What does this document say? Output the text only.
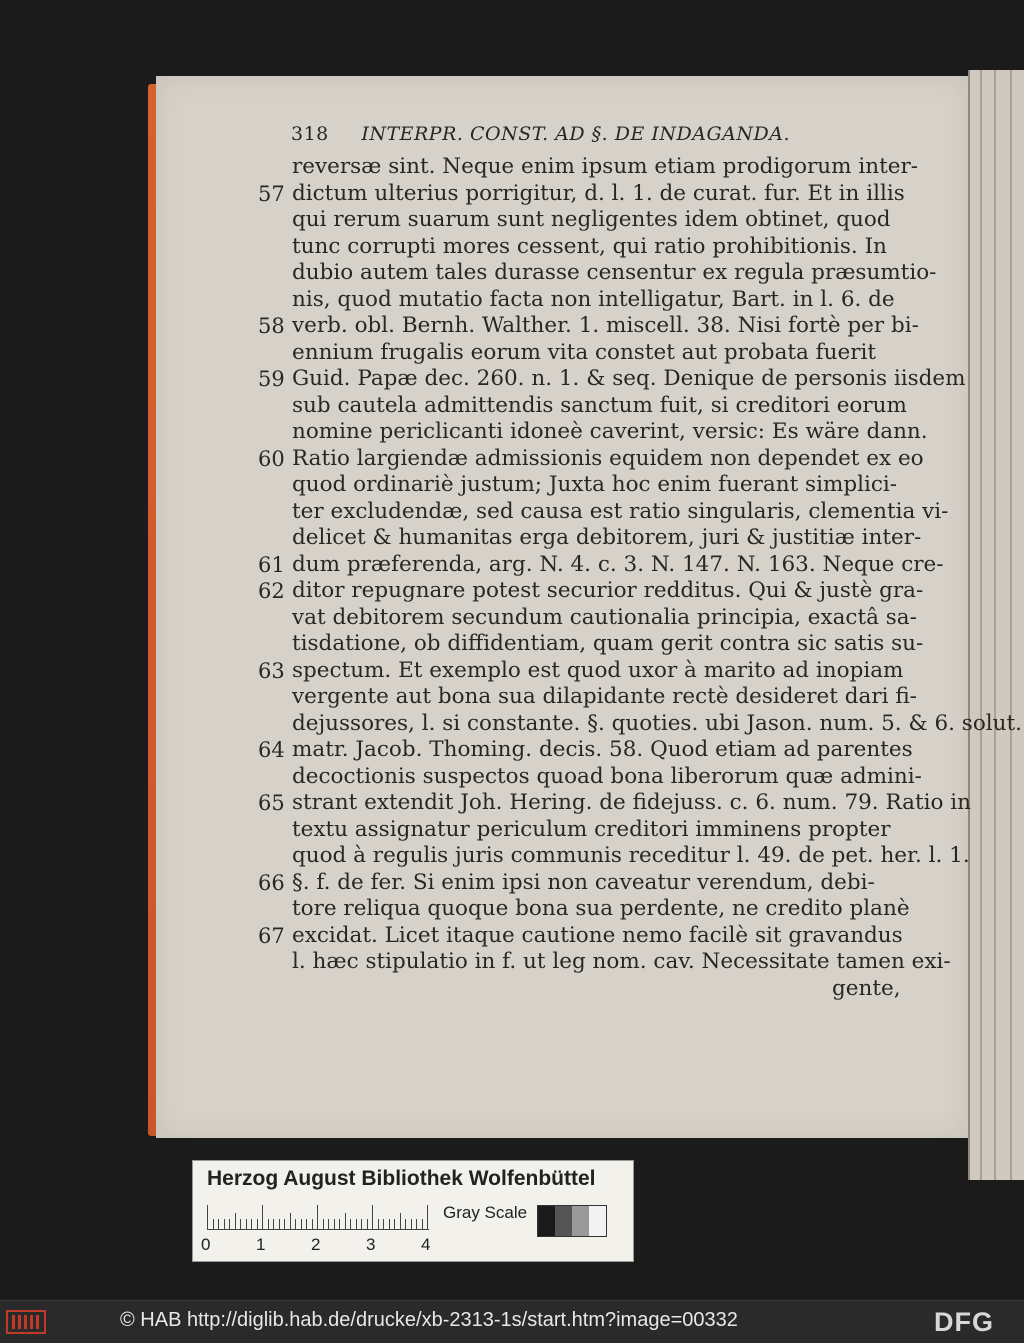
318 INTERPR. CONST. AD §. DE INDAGANDA.
reversæ sint. Neque enim ipsum etiam prodigorum inter-
57 dictum ulterius porrigitur, d. l. 1. de curat. fur. Et in illis
qui rerum suarum sunt negligentes idem obtinet, quod
tunc corrupti mores cessent, qui ratio prohibitionis. In
dubio autem tales durasse censentur ex regula præsumtio-
nis, quod mutatio facta non intelligatur, Bart. in l. 6. de
58 verb. obl. Bernh. Walther. 1. miscell. 38. Nisi fortè per bi-
ennium frugalis eorum vita constet aut probata fuerit
59 Guid. Papæ dec. 260. n. 1. & seq. Denique de personis iisdem
sub cautela admittendis sanctum fuit, si creditori eorum
nomine periclicanti idoneè caverint, versic: Es wäre dann.
60 Ratio largiendæ admissionis equidem non dependet ex eo
quod ordinariè justum; Juxta hoc enim fuerant simplici-
ter excludendæ, sed causa est ratio singularis, clementia vi-
delicet & humanitas erga debitorem, juri & justitiæ inter-
61 dum præferenda, arg. N. 4. c. 3. N. 147. N. 163. Neque cre-
62 ditor repugnare potest securior redditus. Qui & justè gra-
vat debitorem secundum cautionalia principia, exactâ sa-
tisdatione, ob diffidentiam, quam gerit contra sic satis su-
63 spectum. Et exemplo est quod uxor à marito ad inopiam
vergente aut bona sua dilapidante rectè desideret dari fi-
dejussores, l. si constante. §. quoties. ubi Jason. num. 5. & 6. solut.
64 matr. Jacob. Thoming. decis. 58. Quod etiam ad parentes
decoctionis suspectos quoad bona liberorum quæ admini-
65 strant extendit Joh. Hering. de fidejuss. c. 6. num. 79. Ratio in
textu assignatur periculum creditori imminens propter
quod à regulis juris communis receditur l. 49. de pet. her. l. 1.
66 §. f. de fer. Si enim ipsi non caveatur verendum, debi-
tore reliqua quoque bona sua perdente, ne credito planè
67 excidat. Licet itaque cautione nemo facilè sit gravandus
l. hæc stipulatio in f. ut leg nom. cav. Necessitate tamen exi-
gente,
Herzog August Bibliothek Wolfenbüttel
0	1	2	3	4
Gray Scale
© HAB http://diglib.hab.de/drucke/xb-2313-1s/start.htm?image=00332	DFG
